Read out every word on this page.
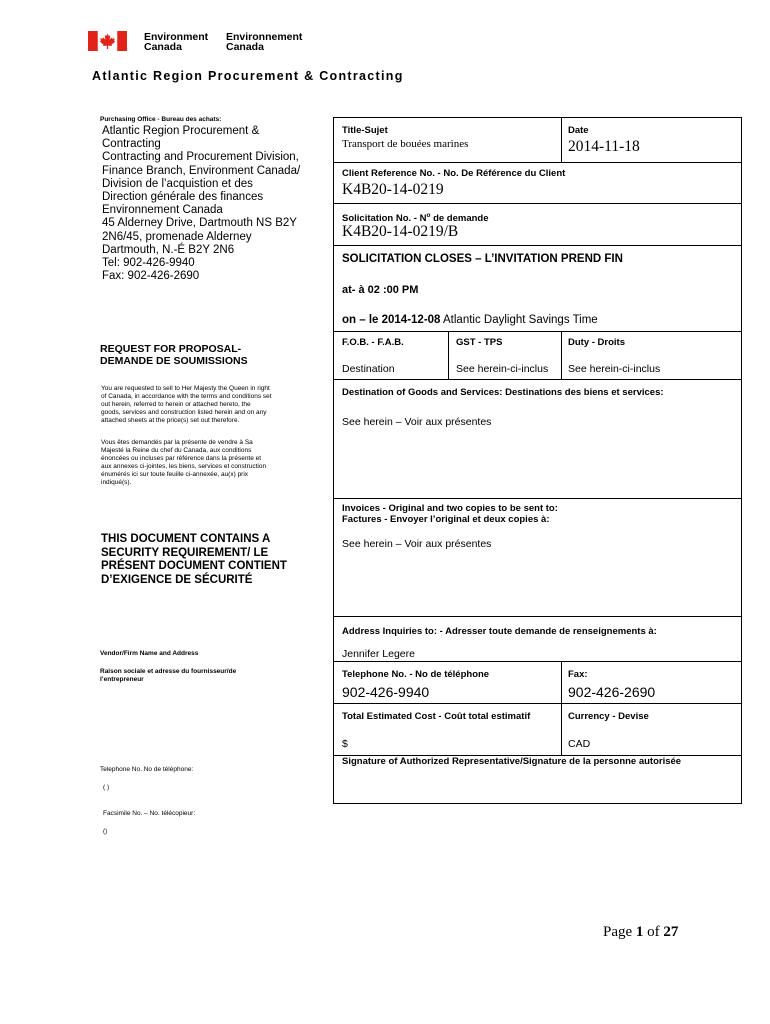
Environment
Canada
Environnement
Canada
Atlantic Region Procurement & Contracting
Purchasing Office - Bureau des achats:
Atlantic Region Procurement &
Contracting
Contracting and Procurement Division,
Finance Branch, Environment Canada/
Division de l’acquistion et des
Direction générale des finances
Environnement Canada
45 Alderney Drive, Dartmouth NS B2Y
2N6/45, promenade Alderney
Dartmouth, N.-É B2Y 2N6
Tel: 902-426-9940
Fax: 902-426-2690
REQUEST FOR PROPOSAL-
DEMANDE DE SOUMISSIONS
You are requested to sell to Her Majesty the Queen in right
of Canada, in accordance with the terms and conditions set
out herein, referred to herein or attached hereto, the
goods, services and construction listed herein and on any
attached sheets at the price(s) set out therefore.
Vous êtes demandés par la présente de vendre à Sa
Majesté la Reine du chef du Canada, aux conditions
énoncées ou incluses par référence dans la présente et
aux annexes ci-jointes, les biens, services et construction
énumérés ici sur toute feuille ci-annexée, au(x) prix
indiqué(s).
THIS DOCUMENT CONTAINS A
SECURITY REQUIREMENT/ LE
PRÉSENT DOCUMENT CONTIENT
D’EXIGENCE DE SÉCURITÉ
Vendor/Firm Name and Address
Raison sociale et adresse du fournisseur/de
l’entrepreneur
Telephone No. No de téléphone:
( )
Facsimile No. – No. télécopieur:
()
Title-Sujet
Transport de bouées marines
Date
2014-11-18
Client Reference No. - No. De Référence du Client
K4B20-14-0219
Solicitation No. - $N^o$ de demande
K4B20-14-0219/B
SOLICITATION CLOSES – L’INVITATION PREND FIN
at- à 02 :00 PM
on – le 2014-12-08 Atlantic Daylight Savings Time
F.O.B. - F.A.B.
Destination
GST - TPS
See herein-ci-inclus
Duty - Droits
See herein-ci-inclus
Destination of Goods and Services: Destinations des biens et services:
See herein – Voir aux présentes
Invoices - Original and two copies to be sent to:
Factures - Envoyer l’original et deux copies à:
See herein – Voir aux présentes
Address Inquiries to: - Adresser toute demande de renseignements à:
Jennifer Legere
Telephone No. - No de téléphone
902-426-9940
Fax:
902-426-2690
Total Estimated Cost - Coût total estimatif
$
Currency - Devise
CAD
Signature of Authorized Representative/Signature de la personne autorisée
Page 1 of 27
